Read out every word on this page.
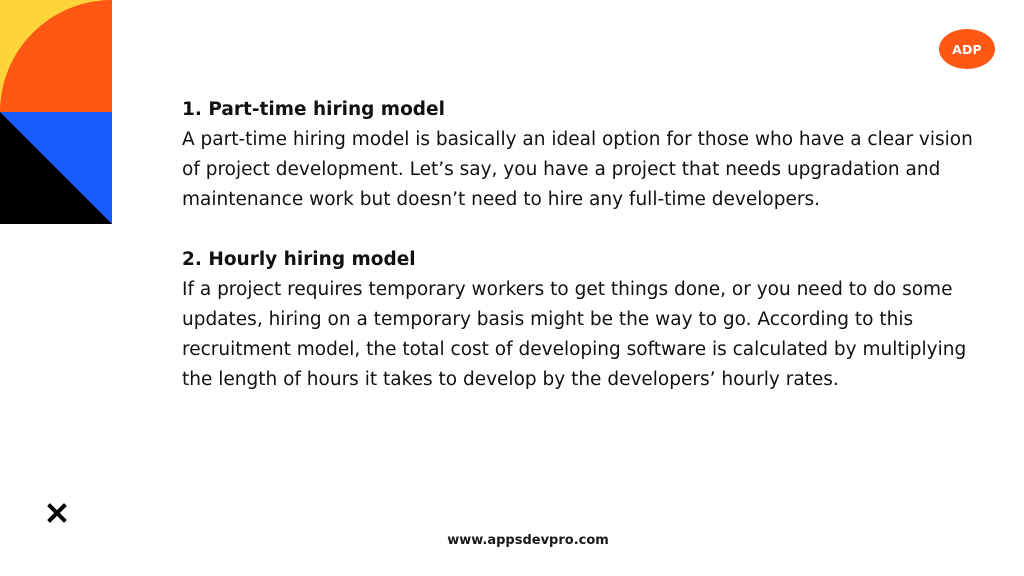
ADP
1. Part-time hiring model
A part-time hiring model is basically an ideal option for those who have a clear vision of project development. Let’s say, you have a project that needs upgradation and maintenance work but doesn’t need to hire any full-time developers.
2. Hourly hiring model
If a project requires temporary workers to get things done, or you need to do some updates, hiring on a temporary basis might be the way to go. According to this recruitment model, the total cost of developing software is calculated by multiplying the length of hours it takes to develop by the developers’ hourly rates.
www.appsdevpro.com
